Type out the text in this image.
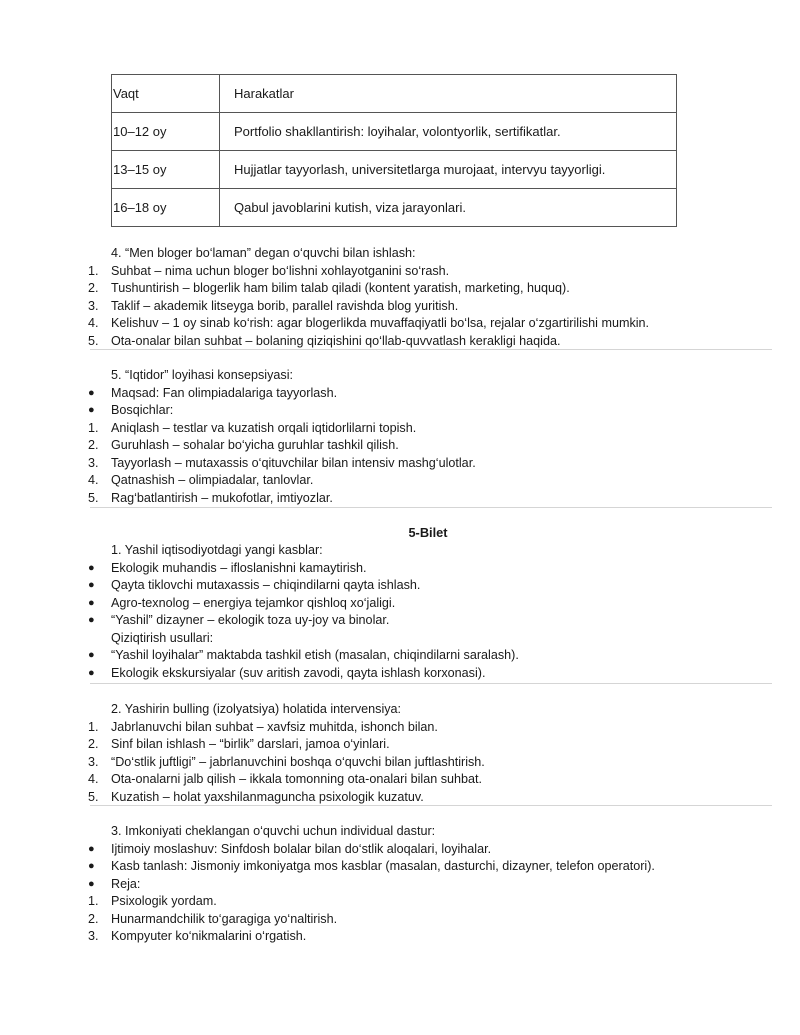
Vaqt	Harakatlar
10–12 oy	Portfolio shakllantirish: loyihalar, volontyorlik, sertifikatlar.
13–15 oy	Hujjatlar tayyorlash, universitetlarga murojaat, intervyu tayyorligi.
16–18 oy	Qabul javoblarini kutish, viza jarayonlari.
4. “Men bloger bo‘laman” degan o‘quvchi bilan ishlash:
1. Suhbat – nima uchun bloger bo‘lishni xohlayotganini so‘rash.
2. Tushuntirish – blogerlik ham bilim talab qiladi (kontent yaratish, marketing, huquq).
3. Taklif – akademik litseyga borib, parallel ravishda blog yuritish.
4. Kelishuv – 1 oy sinab ko‘rish: agar blogerlikda muvaffaqiyatli bo‘lsa, rejalar o‘zgartirilishi mumkin.
5. Ota-onalar bilan suhbat – bolaning qiziqishini qo‘llab-quvvatlash kerakligi haqida.
5. “Iqtidor” loyihasi konsepsiyasi:
● Maqsad: Fan olimpiadalariga tayyorlash.
● Bosqichlar:
1. Aniqlash – testlar va kuzatish orqali iqtidorlilarni topish.
2. Guruhlash – sohalar bo‘yicha guruhlar tashkil qilish.
3. Tayyorlash – mutaxassis o‘qituvchilar bilan intensiv mashg‘ulotlar.
4. Qatnashish – olimpiadalar, tanlovlar.
5. Rag‘batlantirish – mukofotlar, imtiyozlar.
5-Bilet
1. Yashil iqtisodiyotdagi yangi kasblar:
● Ekologik muhandis – ifloslanishni kamaytirish.
● Qayta tiklovchi mutaxassis – chiqindilarni qayta ishlash.
● Agro-texnolog – energiya tejamkor qishloq xo‘jaligi.
● “Yashil” dizayner – ekologik toza uy-joy va binolar.
Qiziqtirish usullari:
● “Yashil loyihalar” maktabda tashkil etish (masalan, chiqindilarni saralash).
● Ekologik ekskursiyalar (suv aritish zavodi, qayta ishlash korxonasi).
2. Yashirin bulling (izolyatsiya) holatida intervensiya:
1. Jabrlanuvchi bilan suhbat – xavfsiz muhitda, ishonch bilan.
2. Sinf bilan ishlash – “birlik” darslari, jamoa o‘yinlari.
3. “Do‘stlik juftligi” – jabrlanuvchini boshqa o‘quvchi bilan juftlashtirish.
4. Ota-onalarni jalb qilish – ikkala tomonning ota-onalari bilan suhbat.
5. Kuzatish – holat yaxshilanmaguncha psixologik kuzatuv.
3. Imkoniyati cheklangan o‘quvchi uchun individual dastur:
● Ijtimoiy moslashuv: Sinfdosh bolalar bilan do‘stlik aloqalari, loyihalar.
● Kasb tanlash: Jismoniy imkoniyatga mos kasblar (masalan, dasturchi, dizayner, telefon operatori).
● Reja:
1. Psixologik yordam.
2. Hunarmandchilik to‘garagiga yo‘naltirish.
3. Kompyuter ko‘nikmalarini o‘rgatish.
